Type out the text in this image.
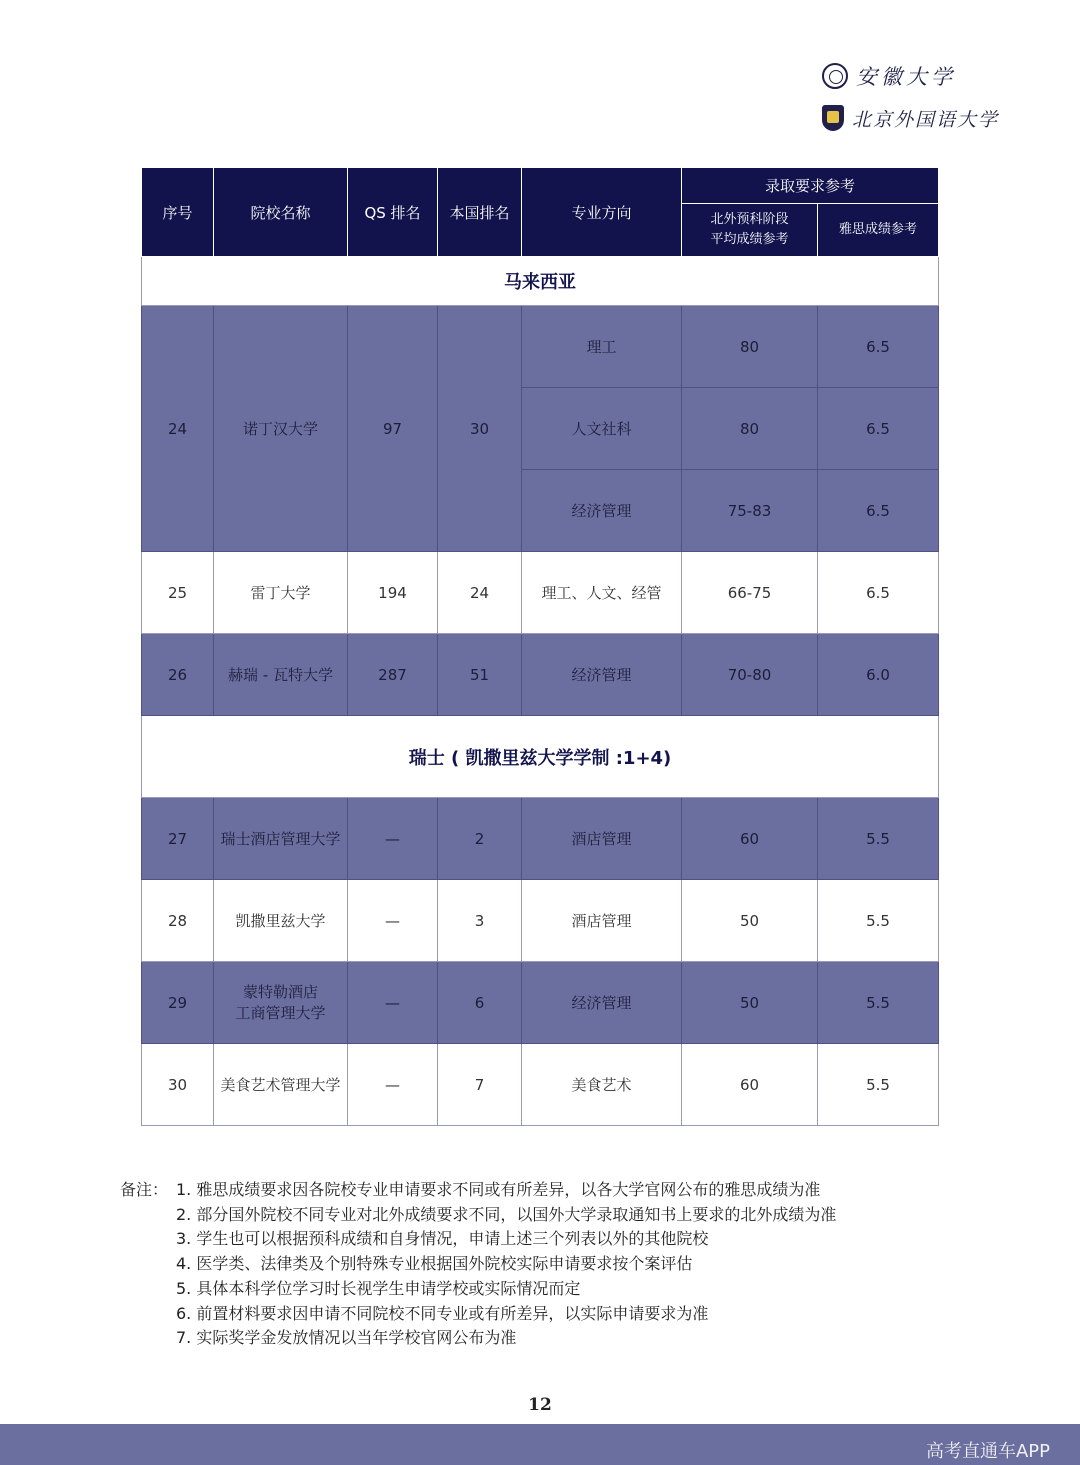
安徽大学
北京外国语大学
序号	院校名称	QS 排名	本国排名	专业方向	录取要求参考	
					北外预科阶段
平均成绩参考	雅思成绩参考
马来西亚						
24	诺丁汉大学	97	30	理工	80	6.5
				人文社科	80	6.5
				经济管理	75-83	6.5
25	雷丁大学	194	24	理工、人文、经管	66-75	6.5
26	赫瑞 - 瓦特大学	287	51	经济管理	70-80	6.0
瑞士 ( 凯撒里兹大学学制 :1+4)						
27	瑞士酒店管理大学	—	2	酒店管理	60	5.5
28	凯撒里兹大学	—	3	酒店管理	50	5.5
29	蒙特勒酒店
工商管理大学	—	6	经济管理	50	5.5
30	美食艺术管理大学	—	7	美食艺术	60	5.5
备注： 1. 雅思成绩要求因各院校专业申请要求不同或有所差异，以各大学官网公布的雅思成绩为准
2. 部分国外院校不同专业对北外成绩要求不同，以国外大学录取通知书上要求的北外成绩为准
3. 学生也可以根据预科成绩和自身情况，申请上述三个列表以外的其他院校
4. 医学类、法律类及个别特殊专业根据国外院校实际申请要求按个案评估
5. 具体本科学位学习时长视学生申请学校或实际情况而定
6. 前置材料要求因申请不同院校不同专业或有所差异，以实际申请要求为准
7. 实际奖学金发放情况以当年学校官网公布为准
12
高考直通车APP
